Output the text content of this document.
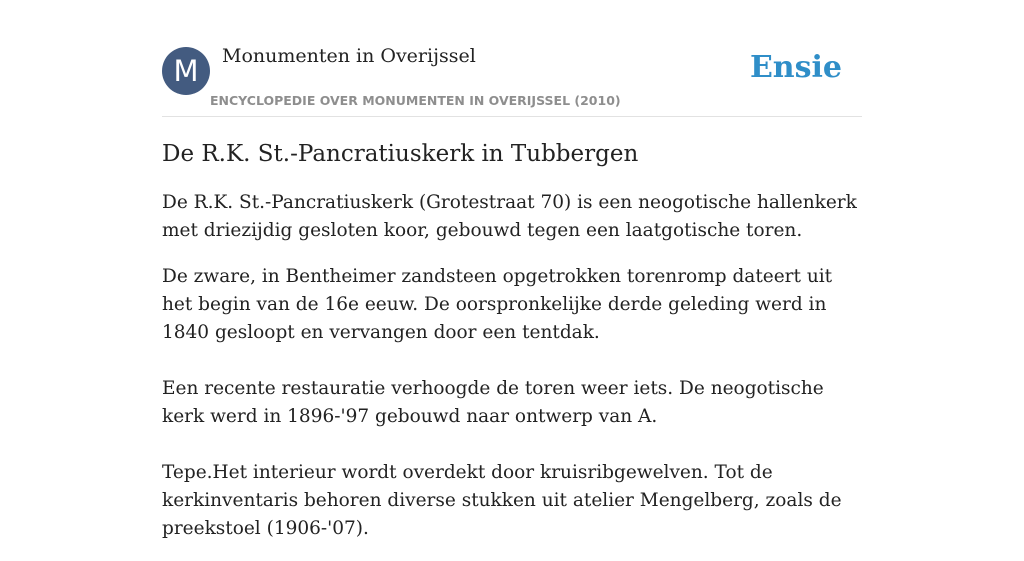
M	Monumenten in Overijssel
ENCYCLOPEDIE OVER MONUMENTEN IN OVERIJSSEL (2010)
Ensie
De R.K. St.-Pancratiuskerk in Tubbergen

De R.K. St.-Pancratiuskerk (Grotestraat 70) is een neogotische hallenkerk met driezijdig gesloten koor, gebouwd tegen een laatgotische toren.

De zware, in Bentheimer zandsteen opgetrokken torenromp dateert uit het begin van de 16e eeuw. De oorspronkelijke derde geleding werd in 1840 gesloopt en vervangen door een tentdak.

Een recente restauratie verhoogde de toren weer iets. De neogotische kerk werd in 1896-'97 gebouwd naar ontwerp van A.

Tepe.Het interieur wordt overdekt door kruisribgewelven. Tot de kerkinventaris behoren diverse stukken uit atelier Mengelberg, zoals de preekstoel (1906-'07).
